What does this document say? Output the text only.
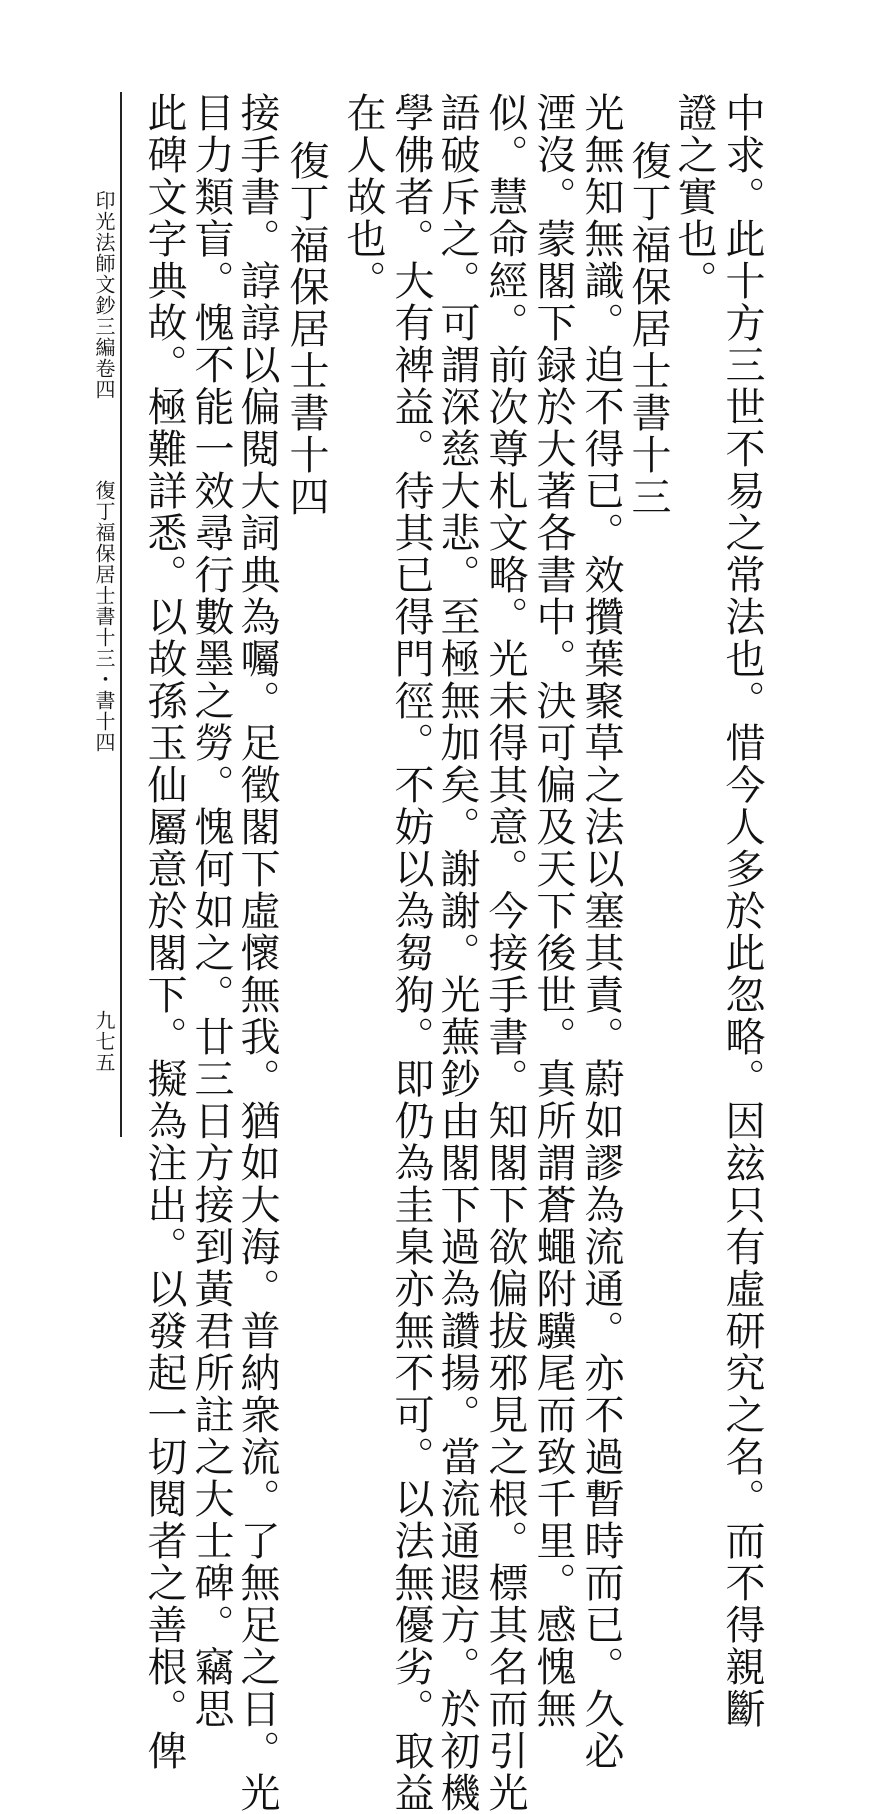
中求。此十方三世不易之常法也。惜今人多於此忽略。因玆只有虛研究之名。而不得親斷
證之實也。
復丁福保居士書十三
光無知無識。迫不得已。效攢葉聚草之法以塞其責。蔚如謬為流通。亦不過暫時而已。久必
湮沒。蒙閣下録於大著各書中。決可偏及天下後世。真所謂蒼蠅附驥尾而致千里。感愧無
似。慧命經。前次尊札文略。光未得其意。今接手書。知閣下欲偏拔邪見之根。標其名而引光
語破斥之。可謂深慈大悲。至極無加矣。謝謝。光蕪鈔由閣下過為讚揚。當流通遐方。於初機
學佛者。大有裨益。待其已得門徑。不妨以為芻狗。即仍為圭臬亦無不可。以法無優劣。取益
在人故也。
復丁福保居士書十四
接手書。諄諄以偏閱大詞典為囑。足徵閣下虛懷無我。猶如大海。普納衆流。了無足之日。光
目力類盲。愧不能一效尋行數墨之勞。愧何如之。廿三日方接到黃君所註之大士碑。竊思
此碑文字典故。極難詳悉。以故孫玉仙屬意於閣下。擬為注出。以發起一切閱者之善根。俾
印光法師文鈔三編卷四
復丁福保居士書十三・書十四
九七五
